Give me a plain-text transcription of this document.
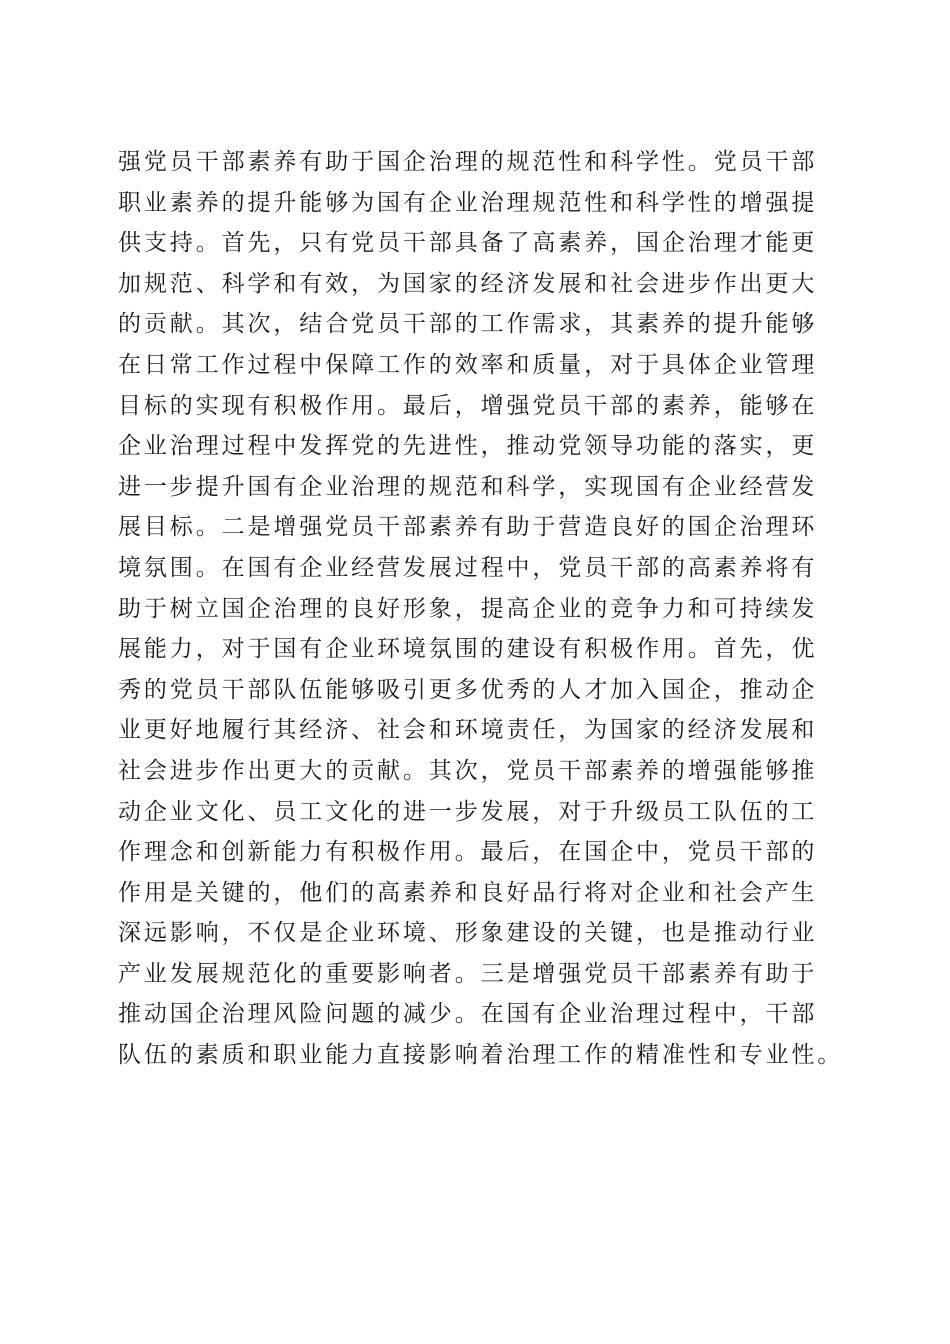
强党员干部素养有助于国企治理的规范性和科学性。党员干部
职业素养的提升能够为国有企业治理规范性和科学性的增强提
供支持。首先，只有党员干部具备了高素养，国企治理才能更
加规范、科学和有效，为国家的经济发展和社会进步作出更大
的贡献。其次，结合党员干部的工作需求，其素养的提升能够
在日常工作过程中保障工作的效率和质量，对于具体企业管理
目标的实现有积极作用。最后，增强党员干部的素养，能够在
企业治理过程中发挥党的先进性，推动党领导功能的落实，更
进一步提升国有企业治理的规范和科学，实现国有企业经营发
展目标。二是增强党员干部素养有助于营造良好的国企治理环
境氛围。在国有企业经营发展过程中，党员干部的高素养将有
助于树立国企治理的良好形象，提高企业的竞争力和可持续发
展能力，对于国有企业环境氛围的建设有积极作用。首先，优
秀的党员干部队伍能够吸引更多优秀的人才加入国企，推动企
业更好地履行其经济、社会和环境责任，为国家的经济发展和
社会进步作出更大的贡献。其次，党员干部素养的增强能够推
动企业文化、员工文化的进一步发展，对于升级员工队伍的工
作理念和创新能力有积极作用。最后，在国企中，党员干部的
作用是关键的，他们的高素养和良好品行将对企业和社会产生
深远影响，不仅是企业环境、形象建设的关键，也是推动行业
产业发展规范化的重要影响者。三是增强党员干部素养有助于
推动国企治理风险问题的减少。在国有企业治理过程中，干部
队伍的素质和职业能力直接影响着治理工作的精准性和专业性。
